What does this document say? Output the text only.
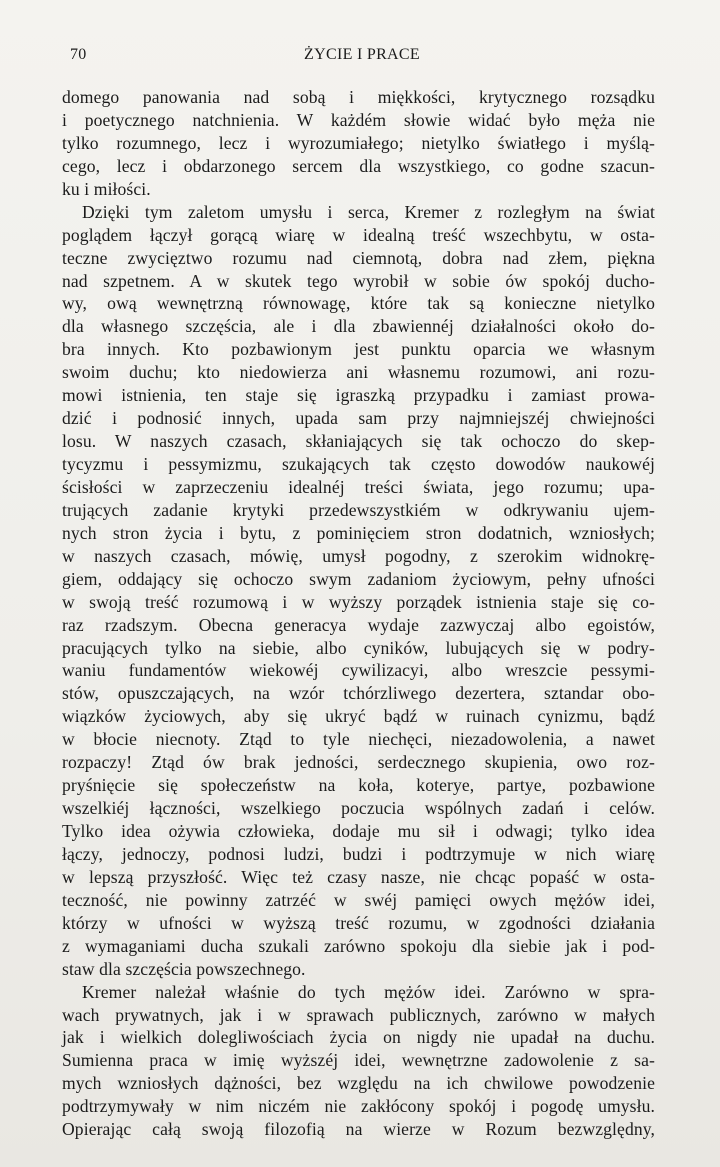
70	ŻYCIE I PRACE
domego panowania nad sobą i miękkości, krytycznego rozsądku
i poetycznego natchnienia. W każdém słowie widać było męża nie
tylko rozumnego, lecz i wyrozumiałego; nietylko światłego i myślą-
cego, lecz i obdarzonego sercem dla wszystkiego, co godne szacun-
ku i miłości.
Dzięki tym zaletom umysłu i serca, Kremer z rozległym na świat
poglądem łączył gorącą wiarę w idealną treść wszechbytu, w osta-
teczne zwycięztwo rozumu nad ciemnotą, dobra nad złem, piękna
nad szpetnem. A w skutek tego wyrobił w sobie ów spokój ducho-
wy, ową wewnętrzną równowagę, które tak są konieczne nietylko
dla własnego szczęścia, ale i dla zbawiennéj działalności około do-
bra innych. Kto pozbawionym jest punktu oparcia we własnym
swoim duchu; kto niedowierza ani własnemu rozumowi, ani rozu-
mowi istnienia, ten staje się igraszką przypadku i zamiast prowa-
dzić i podnosić innych, upada sam przy najmniejszéj chwiejności
losu. W naszych czasach, skłaniających się tak ochoczo do skep-
tycyzmu i pessymizmu, szukających tak często dowodów naukowéj
ścisłości w zaprzeczeniu idealnéj treści świata, jego rozumu; upa-
trujących zadanie krytyki przedewszystkiém w odkrywaniu ujem-
nych stron życia i bytu, z pominięciem stron dodatnich, wzniosłych;
w naszych czasach, mówię, umysł pogodny, z szerokim widnokrę-
giem, oddający się ochoczo swym zadaniom życiowym, pełny ufności
w swoją treść rozumową i w wyższy porządek istnienia staje się co-
raz rzadszym. Obecna generacya wydaje zazwyczaj albo egoistów,
pracujących tylko na siebie, albo cyników, lubujących się w podry-
waniu fundamentów wiekowéj cywilizacyi, albo wreszcie pessymi-
stów, opuszczających, na wzór tchórzliwego dezertera, sztandar obo-
wiązków życiowych, aby się ukryć bądź w ruinach cynizmu, bądź
w błocie niecnoty. Ztąd to tyle niechęci, niezadowolenia, a nawet
rozpaczy! Ztąd ów brak jedności, serdecznego skupienia, owo roz-
pryśnięcie się społeczeństw na koła, koterye, partye, pozbawione
wszelkiéj łączności, wszelkiego poczucia wspólnych zadań i celów.
Tylko idea ożywia człowieka, dodaje mu sił i odwagi; tylko idea
łączy, jednoczy, podnosi ludzi, budzi i podtrzymuje w nich wiarę
w lepszą przyszłość. Więc też czasy nasze, nie chcąc popaść w osta-
teczność, nie powinny zatrzéć w swéj pamięci owych mężów idei,
którzy w ufności w wyższą treść rozumu, w zgodności działania
z wymaganiami ducha szukali zarówno spokoju dla siebie jak i pod-
staw dla szczęścia powszechnego.
Kremer należał właśnie do tych mężów idei. Zarówno w spra-
wach prywatnych, jak i w sprawach publicznych, zarówno w małych
jak i wielkich dolegliwościach życia on nigdy nie upadał na duchu.
Sumienna praca w imię wyższéj idei, wewnętrzne zadowolenie z sa-
mych wzniosłych dążności, bez względu na ich chwilowe powodzenie
podtrzymywały w nim niczém nie zakłócony spokój i pogodę umysłu.
Opierając całą swoją filozofią na wierze w Rozum bezwzględny,
